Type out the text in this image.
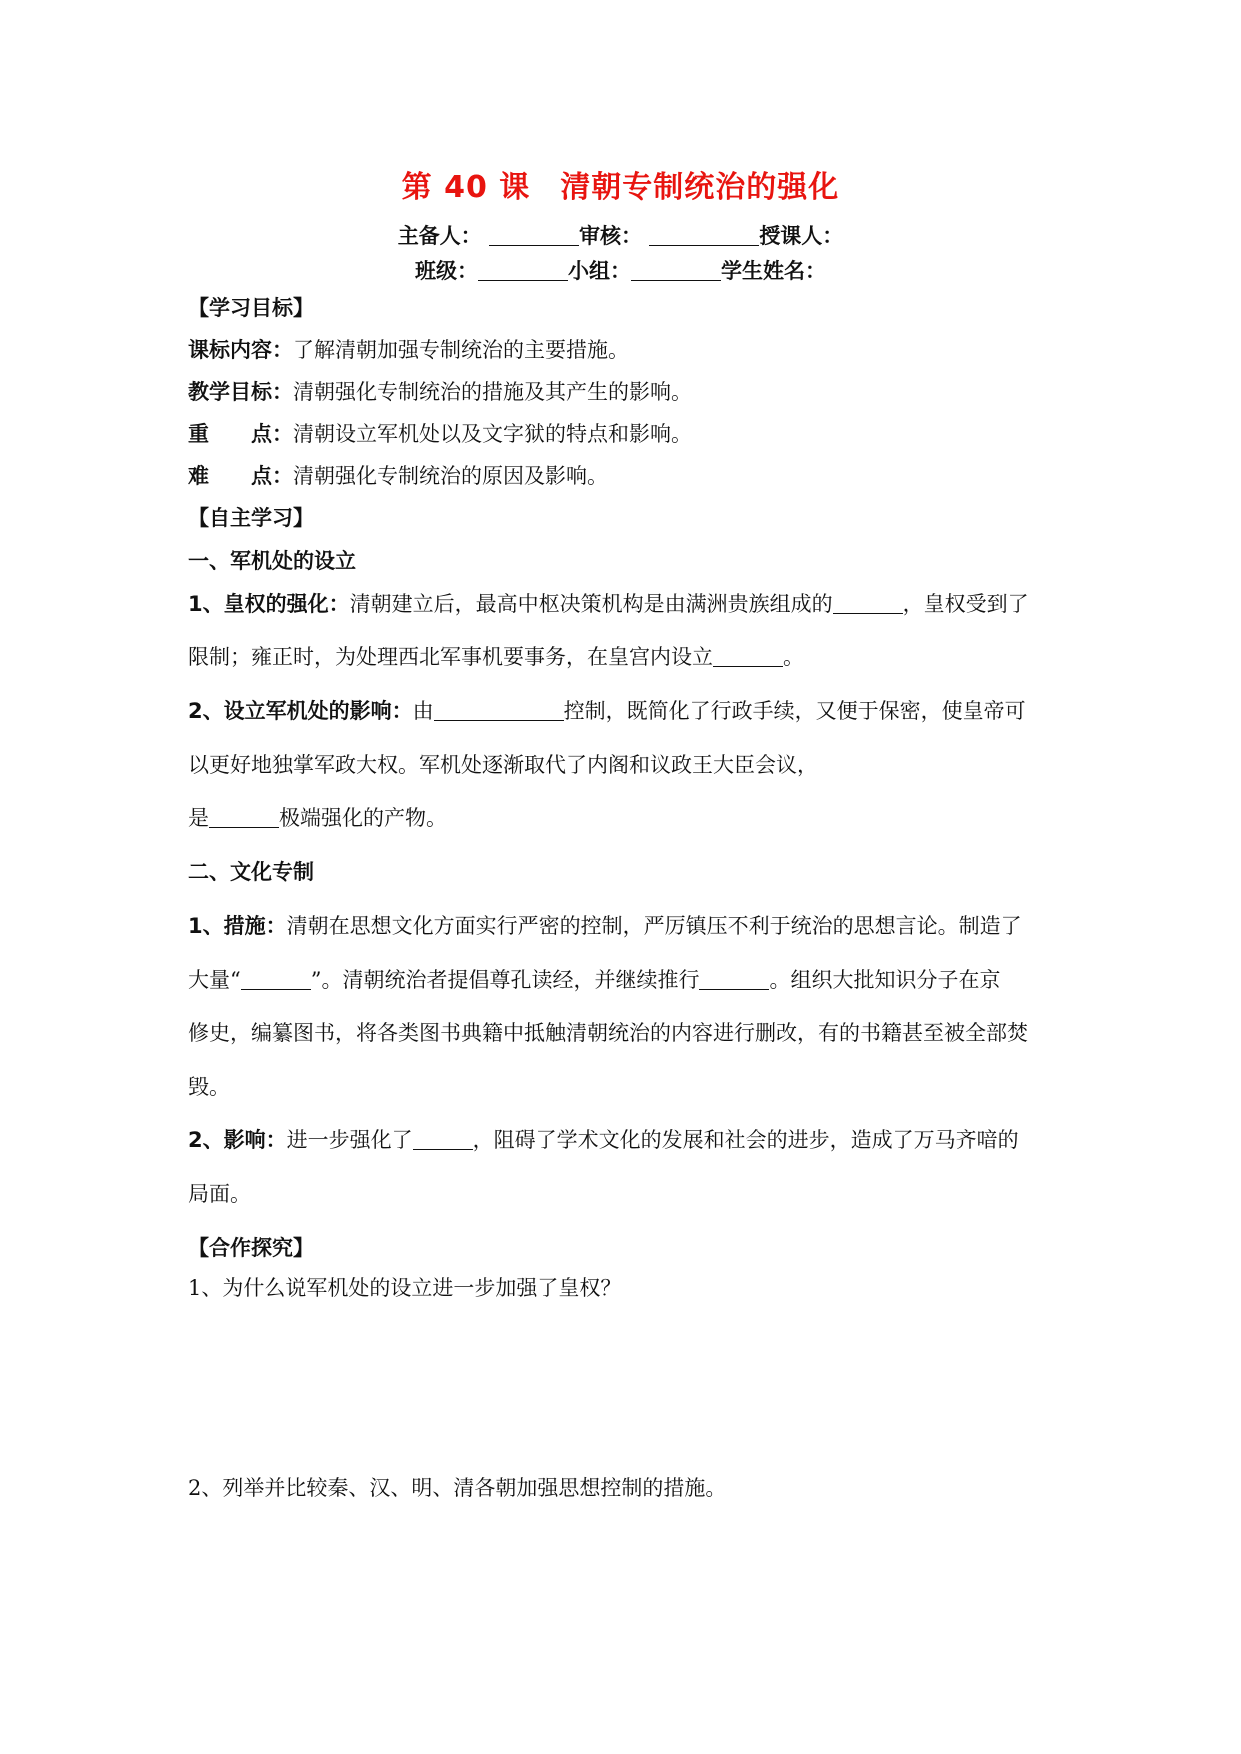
第 40 课 清朝专制统治的强化
主备人：	审核：	授课人：
班级：	小组：	学生姓名：
【学习目标】
课标内容：了解清朝加强专制统治的主要措施。
教学目标：清朝强化专制统治的措施及其产生的影响。
重　　点：清朝设立军机处以及文字狱的特点和影响。
难　　点：清朝强化专制统治的原因及影响。
【自主学习】
一、军机处的设立
1、皇权的强化：清朝建立后，最高中枢决策机构是由满洲贵族组成的	，皇权受到了
限制；雍正时，为处理西北军事机要事务，在皇宫内设立	。
2、设立军机处的影响：由	控制，既简化了行政手续，又便于保密，使皇帝可
以更好地独掌军政大权。军机处逐渐取代了内阁和议政王大臣会议，
是	极端强化的产物。
二、文化专制
1、措施：清朝在思想文化方面实行严密的控制，严厉镇压不利于统治的思想言论。制造了
大量“	”。清朝统治者提倡尊孔读经，并继续推行	。组织大批知识分子在京
修史，编纂图书，将各类图书典籍中抵触清朝统治的内容进行删改，有的书籍甚至被全部焚
毁。
2、影响：进一步强化了	，阻碍了学术文化的发展和社会的进步，造成了万马齐喑的
局面。
【合作探究】
1、为什么说军机处的设立进一步加强了皇权？
2、列举并比较秦、汉、明、清各朝加强思想控制的措施。
